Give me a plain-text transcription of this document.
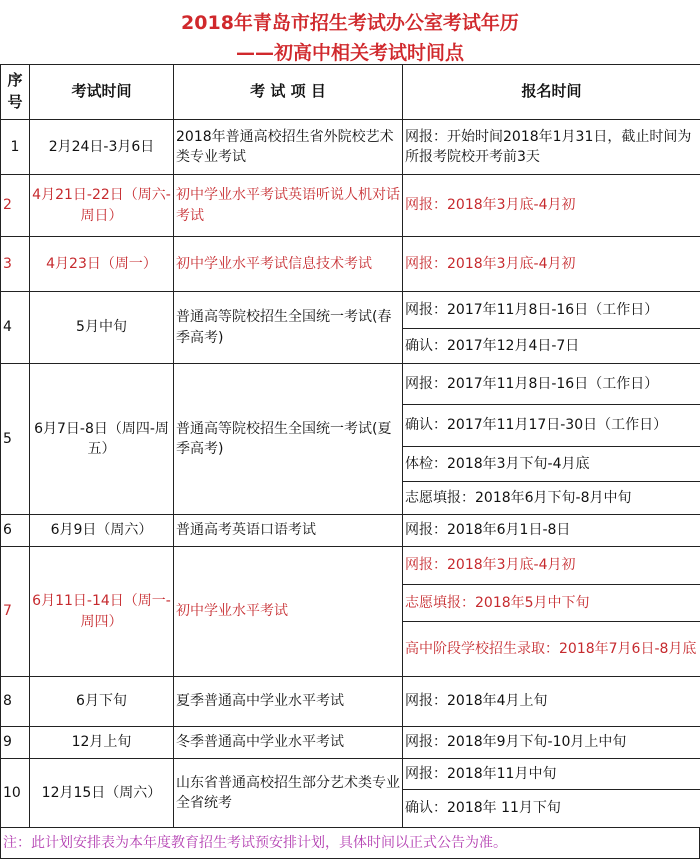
2018年青岛市招生考试办公室考试年历
——初高中相关考试时间点
序号	考试时间	考 试 项 目	报名时间
1	2月24日-3月6日	2018年普通高校招生省外院校艺术类专业考试	网报：开始时间2018年1月31日，截止时间为所报考院校开考前3天
2	4月21日-22日（周六-周日）	初中学业水平考试英语听说人机对话考试	网报：2018年3月底-4月初
3	4月23日（周一）	初中学业水平考试信息技术考试	网报：2018年3月底-4月初
4	5月中旬	普通高等院校招生全国统一考试(春季高考)	网报：2017年11月8日-16日（工作日）
			确认：2017年12月4日-7日
5	6月7日-8日（周四-周五）	普通高等院校招生全国统一考试(夏季高考)	网报：2017年11月8日-16日（工作日）
			确认：2017年11月17日-30日（工作日）
			体检：2018年3月下旬-4月底
			志愿填报：2018年6月下旬-8月中旬
6	6月9日（周六）	普通高考英语口语考试	网报：2018年6月1日-8日
7	6月11日-14日（周一-周四）	初中学业水平考试	网报：2018年3月底-4月初
			志愿填报：2018年5月中下旬
			高中阶段学校招生录取：2018年7月6日-8月底
8	6月下旬	夏季普通高中学业水平考试	网报：2018年4月上旬
9	12月上旬	冬季普通高中学业水平考试	网报：2018年9月下旬-10月上中旬
10	12月15日（周六）	山东省普通高校招生部分艺术类专业全省统考	网报：2018年11月中旬
			确认：2018年 11月下旬
注：此计划安排表为本年度教育招生考试预安排计划，具体时间以正式公告为准。
